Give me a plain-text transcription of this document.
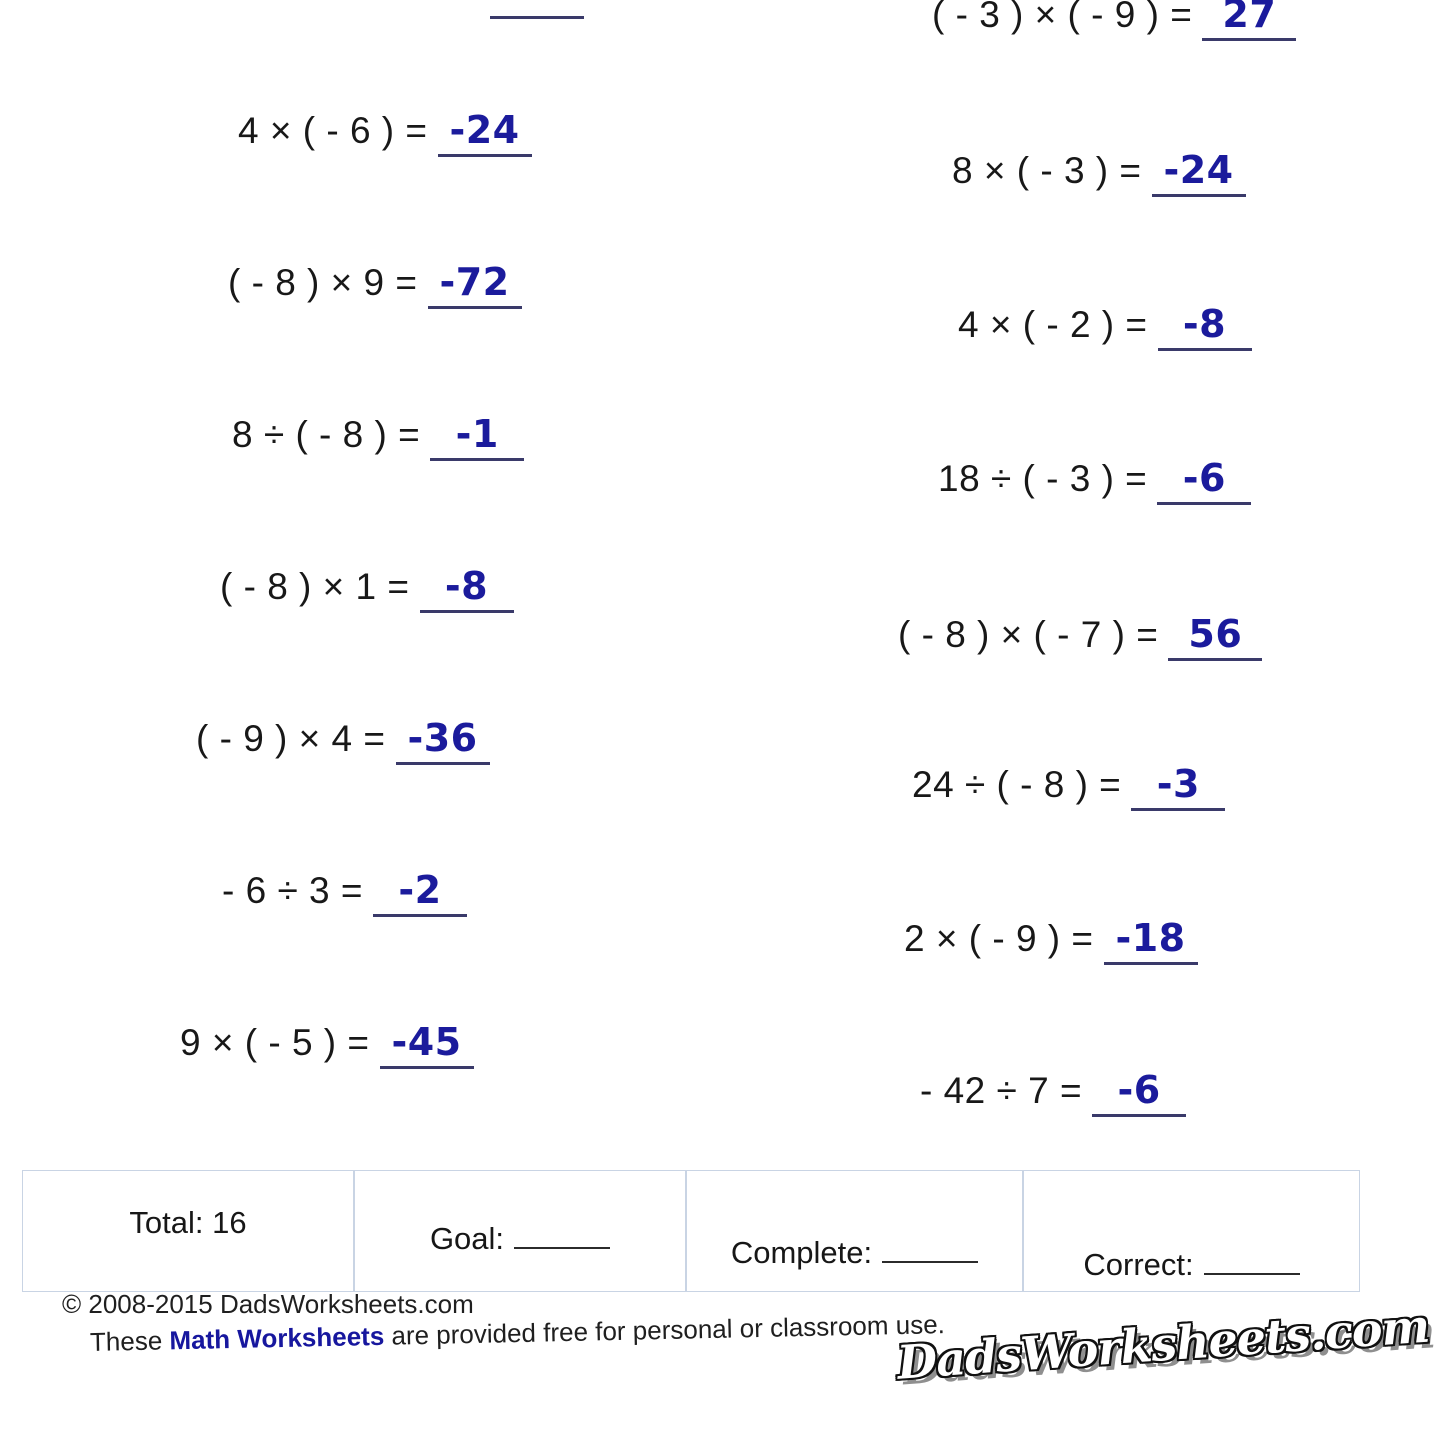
4 × ( - 6 ) = -24
( - 8 ) × 9 = -72
8 ÷ ( - 8 ) = -1
( - 8 ) × 1 = -8
( - 9 ) × 4 = -36
- 6 ÷ 3 = -2
9 × ( - 5 ) = -45
( - 3 ) × ( - 9 ) = 27
8 × ( - 3 ) = -24
4 × ( - 2 ) = -8
18 ÷ ( - 3 ) = -6
( - 8 ) × ( - 7 ) = 56
24 ÷ ( - 8 ) = -3
2 × ( - 9 ) = -18
- 42 ÷ 7 = -6
Total: 16	Goal:	Complete:	Correct:
© 2008-2015 DadsWorksheets.com
These Math Worksheets are provided free for personal or classroom use.
DadsWorksheets.com
